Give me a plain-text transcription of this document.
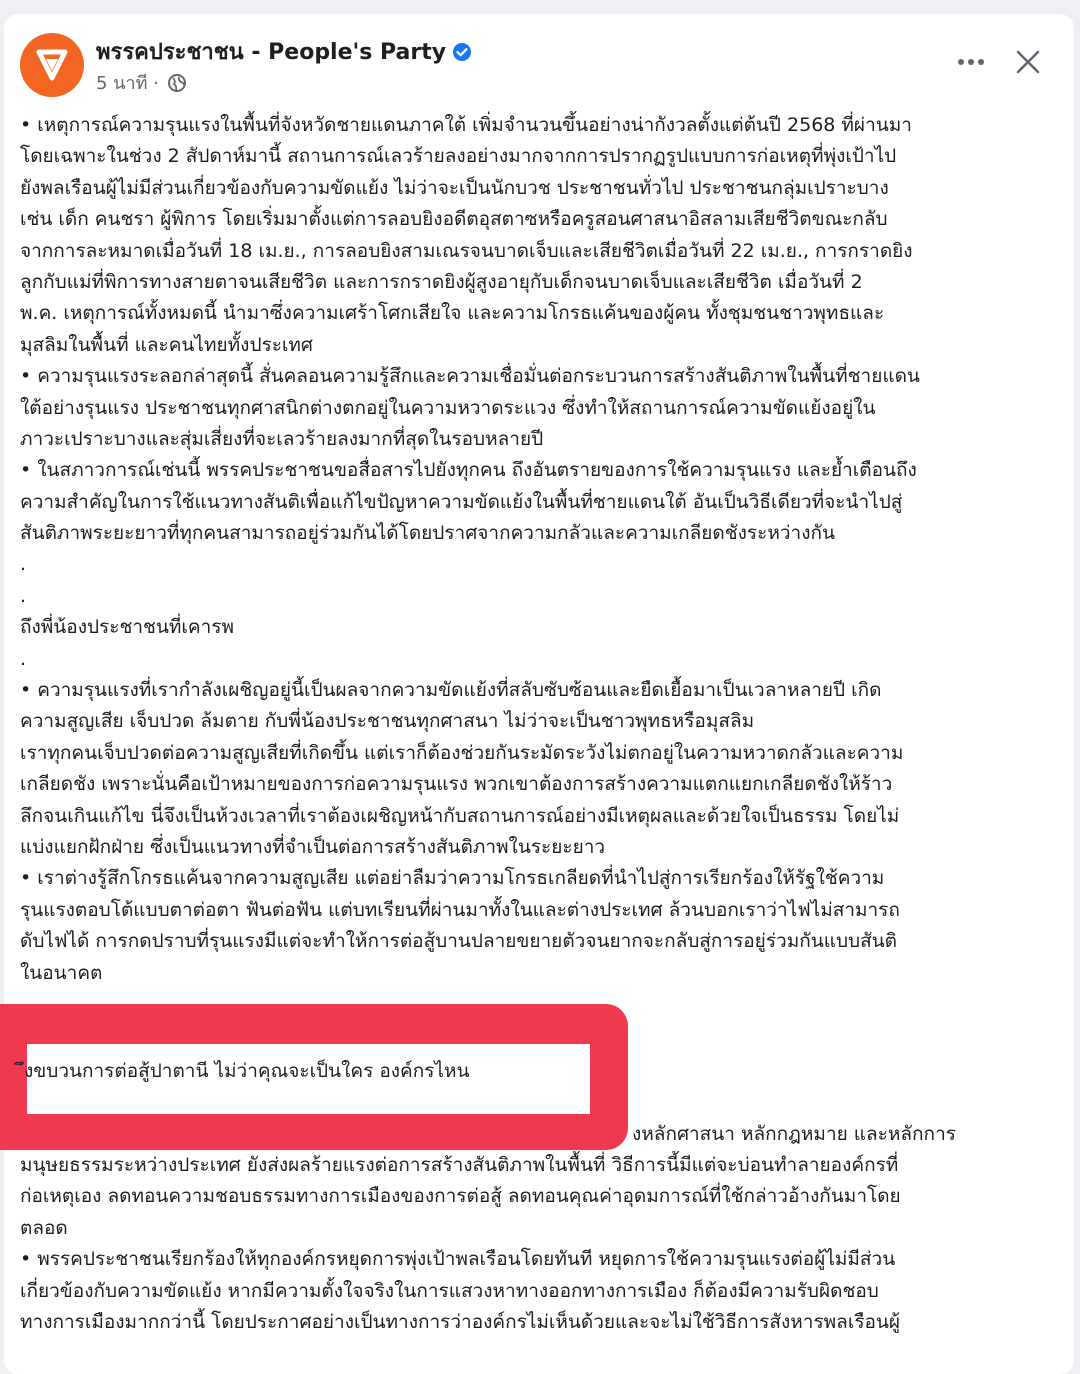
พรรคประชาชน - People's Party
5 นาที ·
• เหตุการณ์ความรุนแรงในพื้นที่จังหวัดชายแดนภาคใต้ เพิ่มจำนวนขึ้นอย่างน่ากังวลตั้งแต่ต้นปี 2568 ที่ผ่านมา
โดยเฉพาะในช่วง 2 สัปดาห์มานี้ สถานการณ์เลวร้ายลงอย่างมากจากการปรากฏรูปแบบการก่อเหตุที่พุ่งเป้าไป
ยังพลเรือนผู้ไม่มีส่วนเกี่ยวข้องกับความขัดแย้ง ไม่ว่าจะเป็นนักบวช ประชาชนทั่วไป ประชาชนกลุ่มเปราะบาง
เช่น เด็ก คนชรา ผู้พิการ โดยเริ่มมาตั้งแต่การลอบยิงอดีตอุสตาซหรือครูสอนศาสนาอิสลามเสียชีวิตขณะกลับ
จากการละหมาดเมื่อวันที่ 18 เม.ย., การลอบยิงสามเณรจนบาดเจ็บและเสียชีวิตเมื่อวันที่ 22 เม.ย., การกราดยิง
ลูกกับแม่ที่พิการทางสายตาจนเสียชีวิต และการกราดยิงผู้สูงอายุกับเด็กจนบาดเจ็บและเสียชีวิต เมื่อวันที่ 2
พ.ค. เหตุการณ์ทั้งหมดนี้ นำมาซึ่งความเศร้าโศกเสียใจ และความโกรธแค้นของผู้คน ทั้งชุมชนชาวพุทธและ
มุสลิมในพื้นที่ และคนไทยทั้งประเทศ
• ความรุนแรงระลอกล่าสุดนี้ สั่นคลอนความรู้สึกและความเชื่อมั่นต่อกระบวนการสร้างสันติภาพในพื้นที่ชายแดน
ใต้อย่างรุนแรง ประชาชนทุกศาสนิกต่างตกอยู่ในความหวาดระแวง ซึ่งทำให้สถานการณ์ความขัดแย้งอยู่ใน
ภาวะเปราะบางและสุ่มเสี่ยงที่จะเลวร้ายลงมากที่สุดในรอบหลายปี
• ในสภาวการณ์เช่นนี้ พรรคประชาชนขอสื่อสารไปยังทุกคน ถึงอันตรายของการใช้ความรุนแรง และย้ำเตือนถึง
ความสำคัญในการใช้แนวทางสันติเพื่อแก้ไขปัญหาความขัดแย้งในพื้นที่ชายแดนใต้ อันเป็นวิธีเดียวที่จะนำไปสู่
สันติภาพระยะยาวที่ทุกคนสามารถอยู่ร่วมกันได้โดยปราศจากความกลัวและความเกลียดชังระหว่างกัน
.
.
ถึงพี่น้องประชาชนที่เคารพ
.
• ความรุนแรงที่เรากำลังเผชิญอยู่นี้เป็นผลจากความขัดแย้งที่สลับซับซ้อนและยืดเยื้อมาเป็นเวลาหลายปี เกิด
ความสูญเสีย เจ็บปวด ล้มตาย กับพี่น้องประชาชนทุกศาสนา ไม่ว่าจะเป็นชาวพุทธหรือมุสลิม
เราทุกคนเจ็บปวดต่อความสูญเสียที่เกิดขึ้น แต่เราก็ต้องช่วยกันระมัดระวังไม่ตกอยู่ในความหวาดกลัวและความ
เกลียดชัง เพราะนั่นคือเป้าหมายของการก่อความรุนแรง พวกเขาต้องการสร้างความแตกแยกเกลียดชังให้ร้าว
ลึกจนเกินแก้ไข นี่จึงเป็นห้วงเวลาที่เราต้องเผชิญหน้ากับสถานการณ์อย่างมีเหตุผลและด้วยใจเป็นธรรม โดยไม่
แบ่งแยกฝักฝ่าย ซึ่งเป็นแนวทางที่จำเป็นต่อการสร้างสันติภาพในระยะยาว
• เราต่างรู้สึกโกรธแค้นจากความสูญเสีย แต่อย่าลืมว่าความโกรธเกลียดที่นำไปสู่การเรียกร้องให้รัฐใช้ความ
รุนแรงตอบโต้แบบตาต่อตา ฟันต่อฟัน แต่บทเรียนที่ผ่านมาทั้งในและต่างประเทศ ล้วนบอกเราว่าไฟไม่สามารถ
ดับไฟได้ การกดปราบที่รุนแรงมีแต่จะทำให้การต่อสู้บานปลายขยายตัวจนยากจะกลับสู่การอยู่ร่วมกันแบบสันติ
ในอนาคต
ึงขบวนการต่อสู้ปาตานี ไม่ว่าคุณจะเป็นใคร องค์กรไหน
งหลักศาสนา หลักกฎหมาย และหลักการ
มนุษยธรรมระหว่างประเทศ ยังส่งผลร้ายแรงต่อการสร้างสันติภาพในพื้นที่ วิธีการนี้มีแต่จะบ่อนทำลายองค์กรที่
ก่อเหตุเอง ลดทอนความชอบธรรมทางการเมืองของการต่อสู้ ลดทอนคุณค่าอุดมการณ์ที่ใช้กล่าวอ้างกันมาโดย
ตลอด
• พรรคประชาชนเรียกร้องให้ทุกองค์กรหยุดการพุ่งเป้าพลเรือนโดยทันที หยุดการใช้ความรุนแรงต่อผู้ไม่มีส่วน
เกี่ยวข้องกับความขัดแย้ง หากมีความตั้งใจจริงในการแสวงหาทางออกทางการเมือง ก็ต้องมีความรับผิดชอบ
ทางการเมืองมากกว่านี้ โดยประกาศอย่างเป็นทางการว่าองค์กรไม่เห็นด้วยและจะไม่ใช้วิธีการสังหารพลเรือนผู้
